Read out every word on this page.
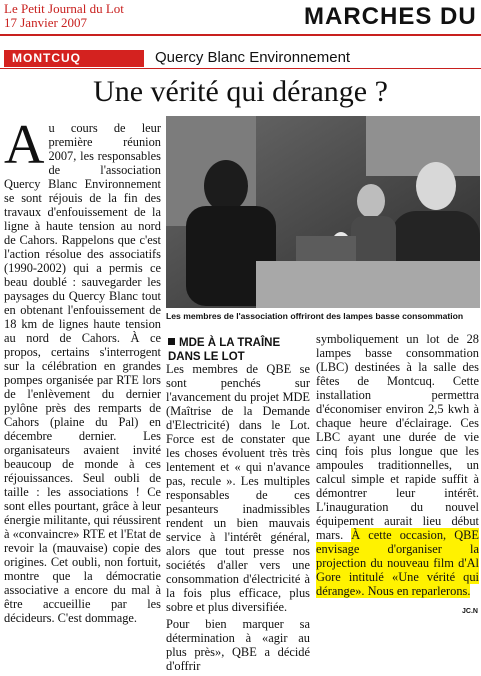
Le Petit Journal du Lot
17 Janvier 2007	MARCHES DU
MONTCUQ	Quercy Blanc Environnement
Une vérité qui dérange ?

Au cours de leur première réunion 2007, les responsables de l'association Quercy Blanc Environnement se sont réjouis de la fin des travaux d'enfouissement de la ligne à haute tension au nord de Cahors. Rappelons que c'est l'action résolue des associatifs (1990-2002) qui a permis ce beau doublé : sauvegarder les paysages du Quercy Blanc tout en obtenant l'enfouissement de 18 km de lignes haute tension au nord de Cahors. À ce propos, certains s'interrogent sur la célébration en grandes pompes organisée par RTE lors de l'enlèvement du dernier pylône près des remparts de Cahors (plaine du Pal) en décembre dernier. Les organisateurs avaient invité beaucoup de monde à ces réjouissances. Seul oubli de taille : les associations ! Ce sont elles pourtant, grâce à leur énergie militante, qui réussirent à «convaincre» RTE et l'Etat de revoir la (mauvaise) copie des origines. Cet oubli, non fortuit, montre que la démocratie associative a encore du mal à être accueillie par les décideurs. C'est dommage.

Les membres de l'association offriront des lampes basse consommation
MDE À LA TRAÎNE DANS LE LOT

Les membres de QBE se sont penchés sur l'avancement du projet MDE (Maîtrise de la Demande d'Electricité) dans le Lot. Force est de constater que les choses évoluent très très lentement et « qui n'avance pas, recule ». Les multiples responsables de ces pesanteurs inadmissibles rendent un bien mauvais service à l'intérêt général, alors que tout presse nos sociétés d'aller vers une consommation d'électricité à la fois plus efficace, plus sobre et plus diversifiée.

Pour bien marquer sa détermination à «agir au plus près», QBE a décidé d'offrir

symboliquement un lot de 28 lampes basse consommation (LBC) destinées à la salle des fêtes de Montcuq. Cette installation permettra d'économiser environ 2,5 kwh à chaque heure d'éclairage. Ces LBC ayant une durée de vie cinq fois plus longue que les ampoules traditionnelles, un calcul simple et rapide suffit à démontrer leur intérêt. L'inauguration du nouvel équipement aurait lieu début mars. À cette occasion, QBE envisage d'organiser la projection du nouveau film d'Al Gore intitulé «Une vérité qui dérange». Nous en reparlerons.

JC.N
